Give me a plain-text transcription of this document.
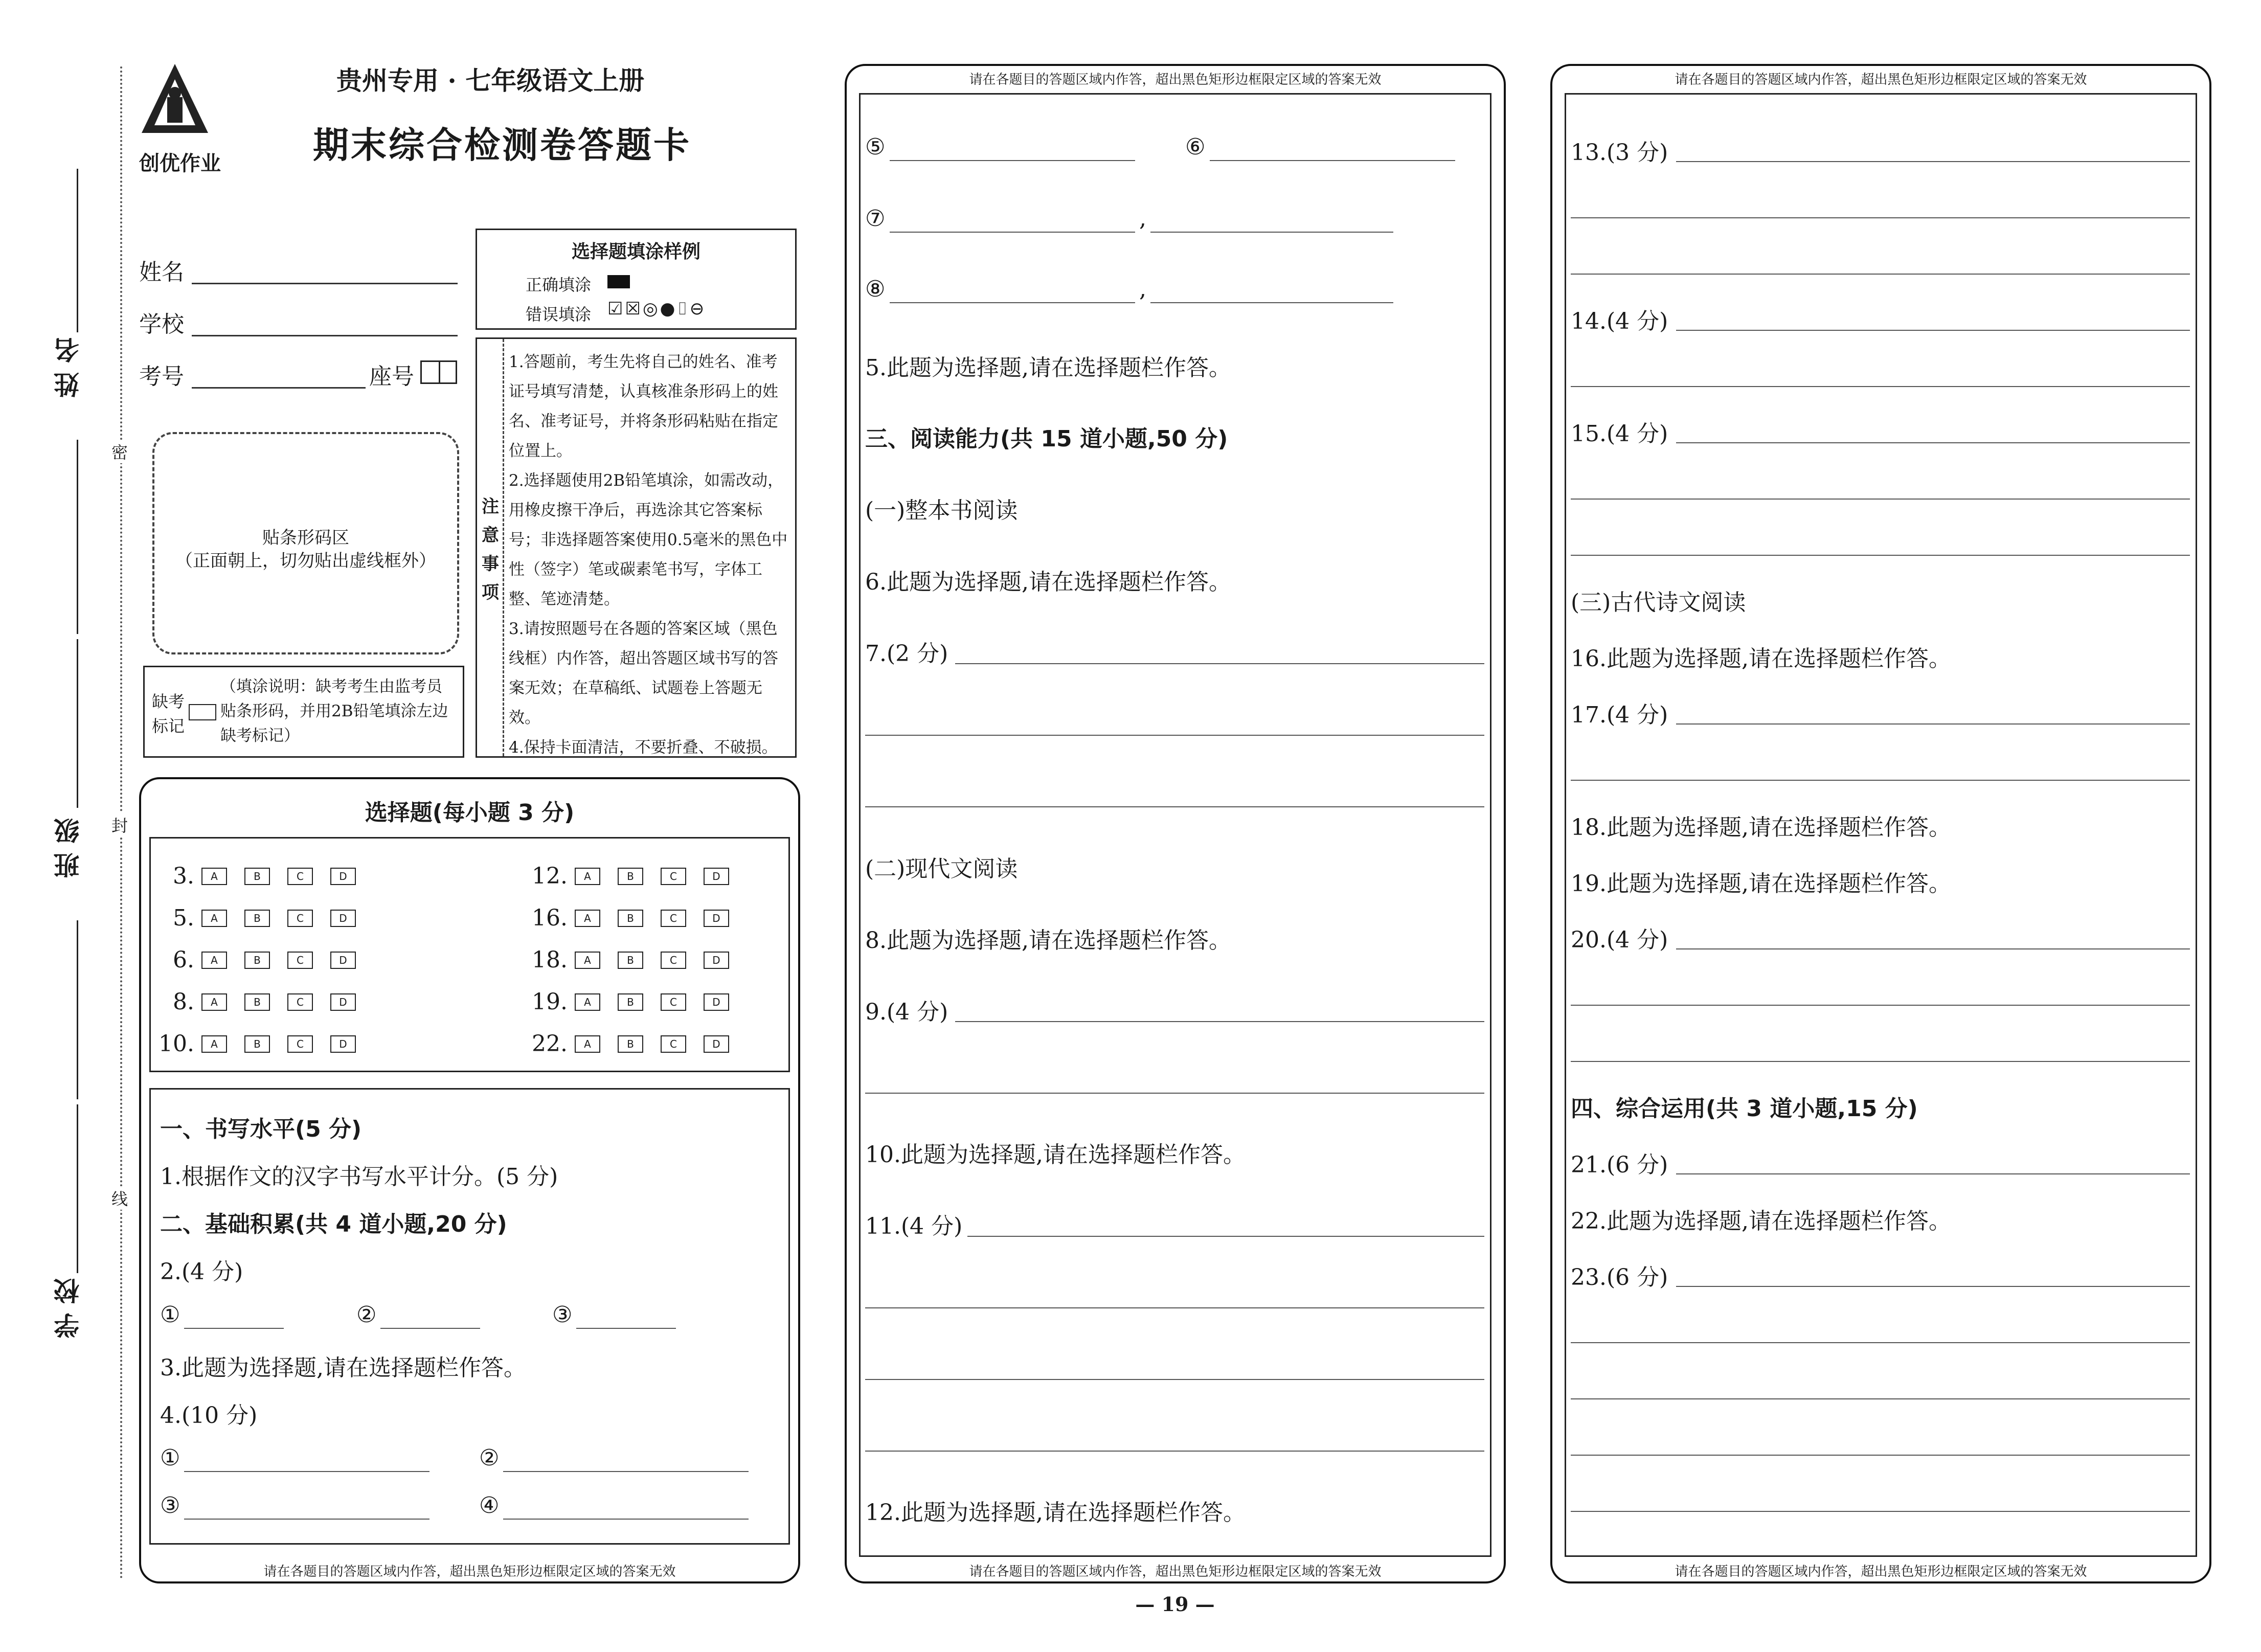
姓 名
班 级
学 校
密
封
线
创优作业
贵州专用 · 七年级语文上册
期末综合检测卷答题卡
姓名
学校
考号	座号
选择题填涂样例
正确填涂
错误填涂 ☑☒◎●⌷⊖
贴条形码区
（正面朝上，切勿贴出虚线框外）
缺考
标记
（填涂说明：缺考考生由监考员贴条形码，并用2B铅笔填涂左边缺考标记）
注意事项
1.答题前，考生先将自己的姓名、准考证号填写清楚，认真核准条形码上的姓名、准考证号，并将条形码粘贴在指定位置上。
2.选择题使用2B铅笔填涂，如需改动，用橡皮擦干净后，再选涂其它答案标号；非选择题答案使用0.5毫米的黑色中性（签字）笔或碳素笔书写，字体工整、笔迹清楚。
3.请按照题号在各题的答案区域（黑色线框）内作答，超出答题区域书写的答案无效；在草稿纸、试题卷上答题无效。
4.保持卡面清洁，不要折叠、不破损。
选择题(每小题 3 分)
3.	A	B	C	D
5.	A	B	C	D
6.	A	B	C	D
8.	A	B	C	D
10.	A	B	C	D
12.	A	B	C	D
16.	A	B	C	D
18.	A	B	C	D
19.	A	B	C	D
22.	A	B	C	D
一、书写水平(5 分)
1.根据作文的汉字书写水平计分。(5 分)
二、基础积累(共 4 道小题,20 分)
2.(4 分)
①	②	③
3.此题为选择题,请在选择题栏作答。
4.(10 分)
①	②
③	④
请在各题目的答题区域内作答，超出黑色矩形边框限定区域的答案无效
请在各题目的答题区域内作答，超出黑色矩形边框限定区域的答案无效
⑤	⑥
⑦	,
⑧	,
5.此题为选择题,请在选择题栏作答。
三、阅读能力(共 15 道小题,50 分)
(一)整本书阅读
6.此题为选择题,请在选择题栏作答。
7.(2 分)
(二)现代文阅读
8.此题为选择题,请在选择题栏作答。
9.(4 分)
10.此题为选择题,请在选择题栏作答。
11.(4 分)
12.此题为选择题,请在选择题栏作答。
请在各题目的答题区域内作答，超出黑色矩形边框限定区域的答案无效
请在各题目的答题区域内作答，超出黑色矩形边框限定区域的答案无效
13.(3 分)
14.(4 分)
15.(4 分)
(三)古代诗文阅读
16.此题为选择题,请在选择题栏作答。
17.(4 分)
18.此题为选择题,请在选择题栏作答。
19.此题为选择题,请在选择题栏作答。
20.(4 分)
四、综合运用(共 3 道小题,15 分)
21.(6 分)
22.此题为选择题,请在选择题栏作答。
23.(6 分)
请在各题目的答题区域内作答，超出黑色矩形边框限定区域的答案无效
— 19 —
